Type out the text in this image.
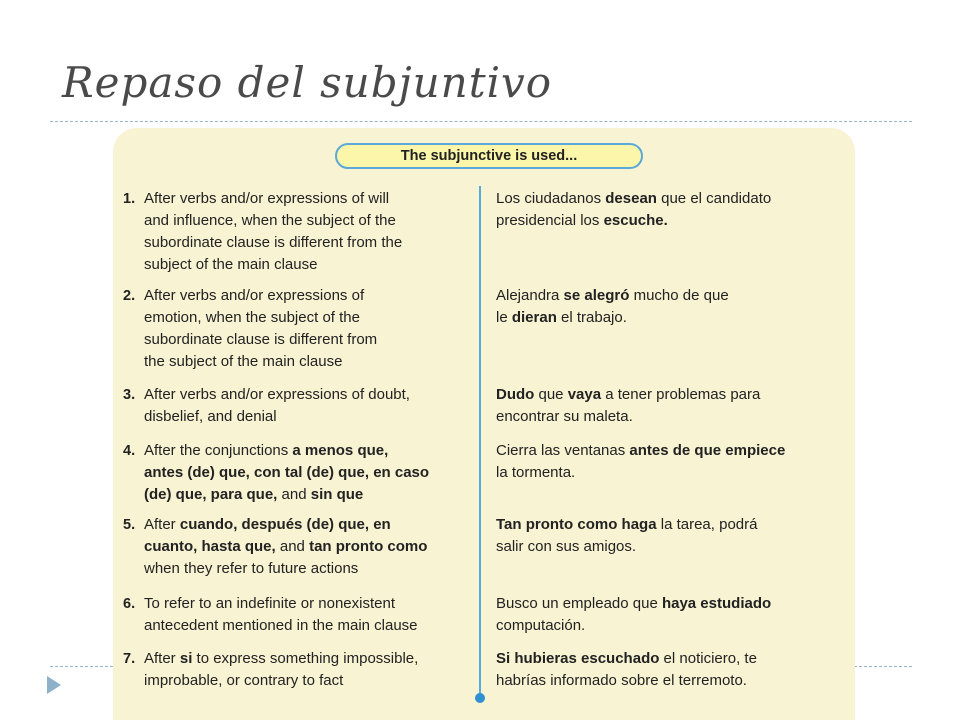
Repaso del subjuntivo
The subjunctive is used...
1. After verbs and/or expressions of will
and influence, when the subject of the
subordinate clause is different from the
subject of the main clause
Los ciudadanos desean que el candidato
presidencial los escuche.
2. After verbs and/or expressions of
emotion, when the subject of the
subordinate clause is different from
the subject of the main clause
Alejandra se alegró mucho de que
le dieran el trabajo.
3. After verbs and/or expressions of doubt,
disbelief, and denial
Dudo que vaya a tener problemas para
encontrar su maleta.
4. After the conjunctions a menos que,
antes (de) que, con tal (de) que, en caso
(de) que, para que, and sin que
Cierra las ventanas antes de que empiece
la tormenta.
5. After cuando, después (de) que, en
cuanto, hasta que, and tan pronto como
when they refer to future actions
Tan pronto como haga la tarea, podrá
salir con sus amigos.
6. To refer to an indefinite or nonexistent
antecedent mentioned in the main clause
Busco un empleado que haya estudiado
computación.
7. After si to express something impossible,
improbable, or contrary to fact
Si hubieras escuchado el noticiero, te
habrías informado sobre el terremoto.
